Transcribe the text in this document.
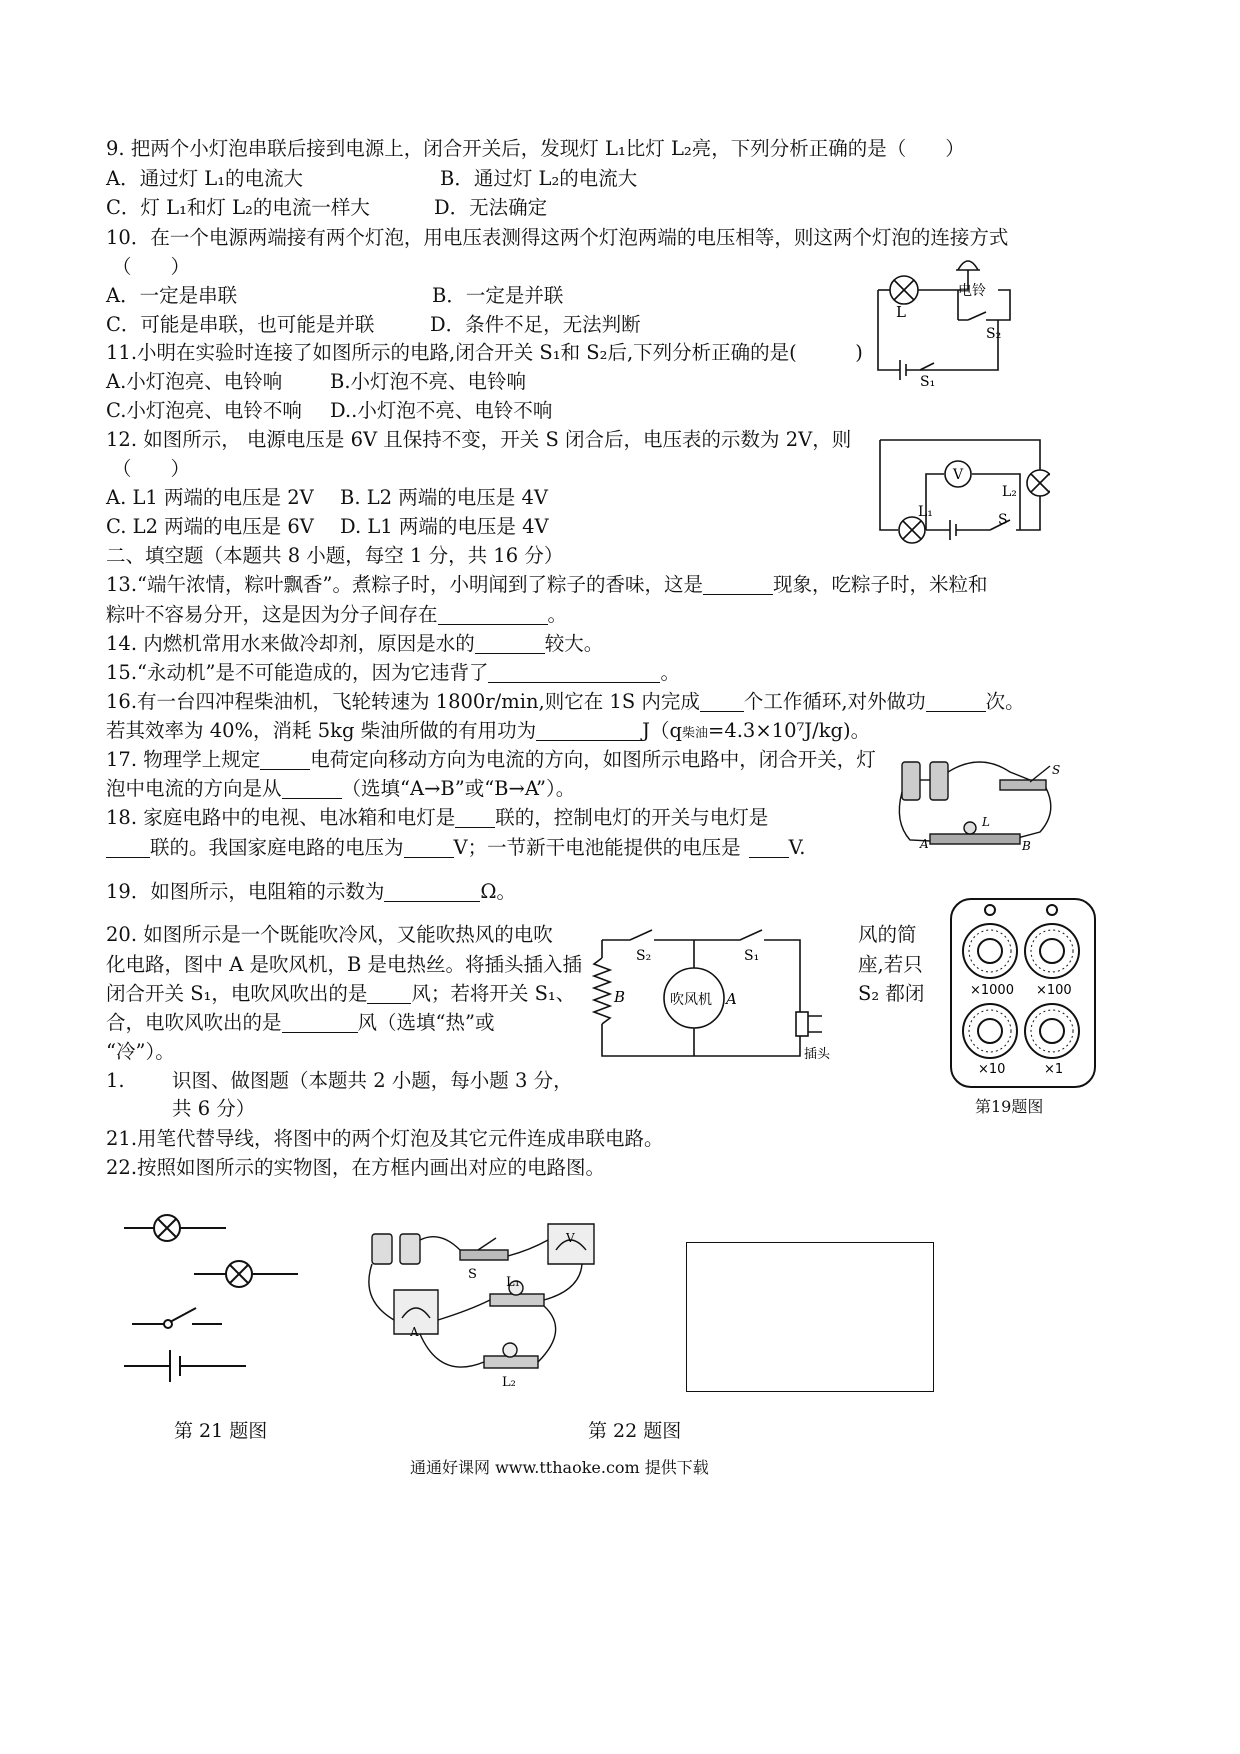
9. 把两个小灯泡串联后接到电源上，闭合开关后，发现灯 L₁比灯 L₂亮，下列分析正确的是（　　）
A．通过灯 L₁的电流大	B．通过灯 L₂的电流大
C．灯 L₁和灯 L₂的电流一样大	D．无法确定
10．在一个电源两端接有两个灯泡，用电压表测得这两个灯泡两端的电压相等，则这两个灯泡的连接方式
（　　）
A．一定是串联	B．一定是并联
C．可能是串联，也可能是并联	D．条件不足，无法判断
L
电铃
S₂
S₁
11.小明在实验时连接了如图所示的电路,闭合开关 S₁和 S₂后,下列分析正确的是(　　　)
A.小灯泡亮、电铃响 B.小灯泡不亮、电铃响
C.小灯泡亮、电铃不响 D..小灯泡不亮、电铃不响
V
L₁
L₂
S
12. 如图所示， 电源电压是 6V 且保持不变，开关 S 闭合后，电压表的示数为 2V，则
（　　）
A. L1 两端的电压是 2V B. L2 两端的电压是 4V
C. L2 两端的电压是 6V D. L1 两端的电压是 4V
二、填空题（本题共 8 小题，每空 1 分，共 16 分）
13.“端午浓情，粽叶飘香”。煮粽子时，小明闻到了粽子的香味，这是	现象，吃粽子时，米粒和
粽叶不容易分开，这是因为分子间存在	。
14. 内燃机常用水来做冷却剂，原因是水的	较大。
15.“永动机”是不可能造成的，因为它违背了	。
16.有一台四冲程柴油机，飞轮转速为 1800r/min,则它在 1S 内完成 个工作循环,对外做功	次。
若其效率为 40%，消耗 5kg 柴油所做的有用功为	J（q柴油=4.3×10⁷J/kg)。
S
L
A	B
17. 物理学上规定	电荷定向移动方向为电流的方向，如图所示电路中，闭合开关，灯
泡中电流的方向是从	（选填“A→B”或“B→A”）。
18. 家庭电路中的电视、电冰箱和电灯是 联的，控制电灯的开关与电灯是
联的。我国家庭电路的电压为	V；一节新干电池能提供的电压是 V.
19．如图所示，电阻箱的示数为	Ω。
×1000 ×100
×10	×1
第19题图
S₂	S₁
B	吹风机 A
插头
20. 如图所示是一个既能吹冷风，又能吹热风的电吹	风的简
化电路，图中 A 是吹风机，B 是电热丝。将插头插入插	座,若只
闭合开关 S₁，电吹风吹出的是 风；若将开关 S₁、	S₂ 都闭
合，电吹风吹出的是	风（选填“热”或
“冷”）。
1. 识图、做图题（本题共 2 小题，每小题 3 分，
共 6 分）
21.用笔代替导线，将图中的两个灯泡及其它元件连成串联电路。
22.按照如图所示的实物图，在方框内画出对应的电路图。
S
L₁
L₂
A
V
第 21 题图	第 22 题图
通通好课网 www.tthaoke.com 提供下载
